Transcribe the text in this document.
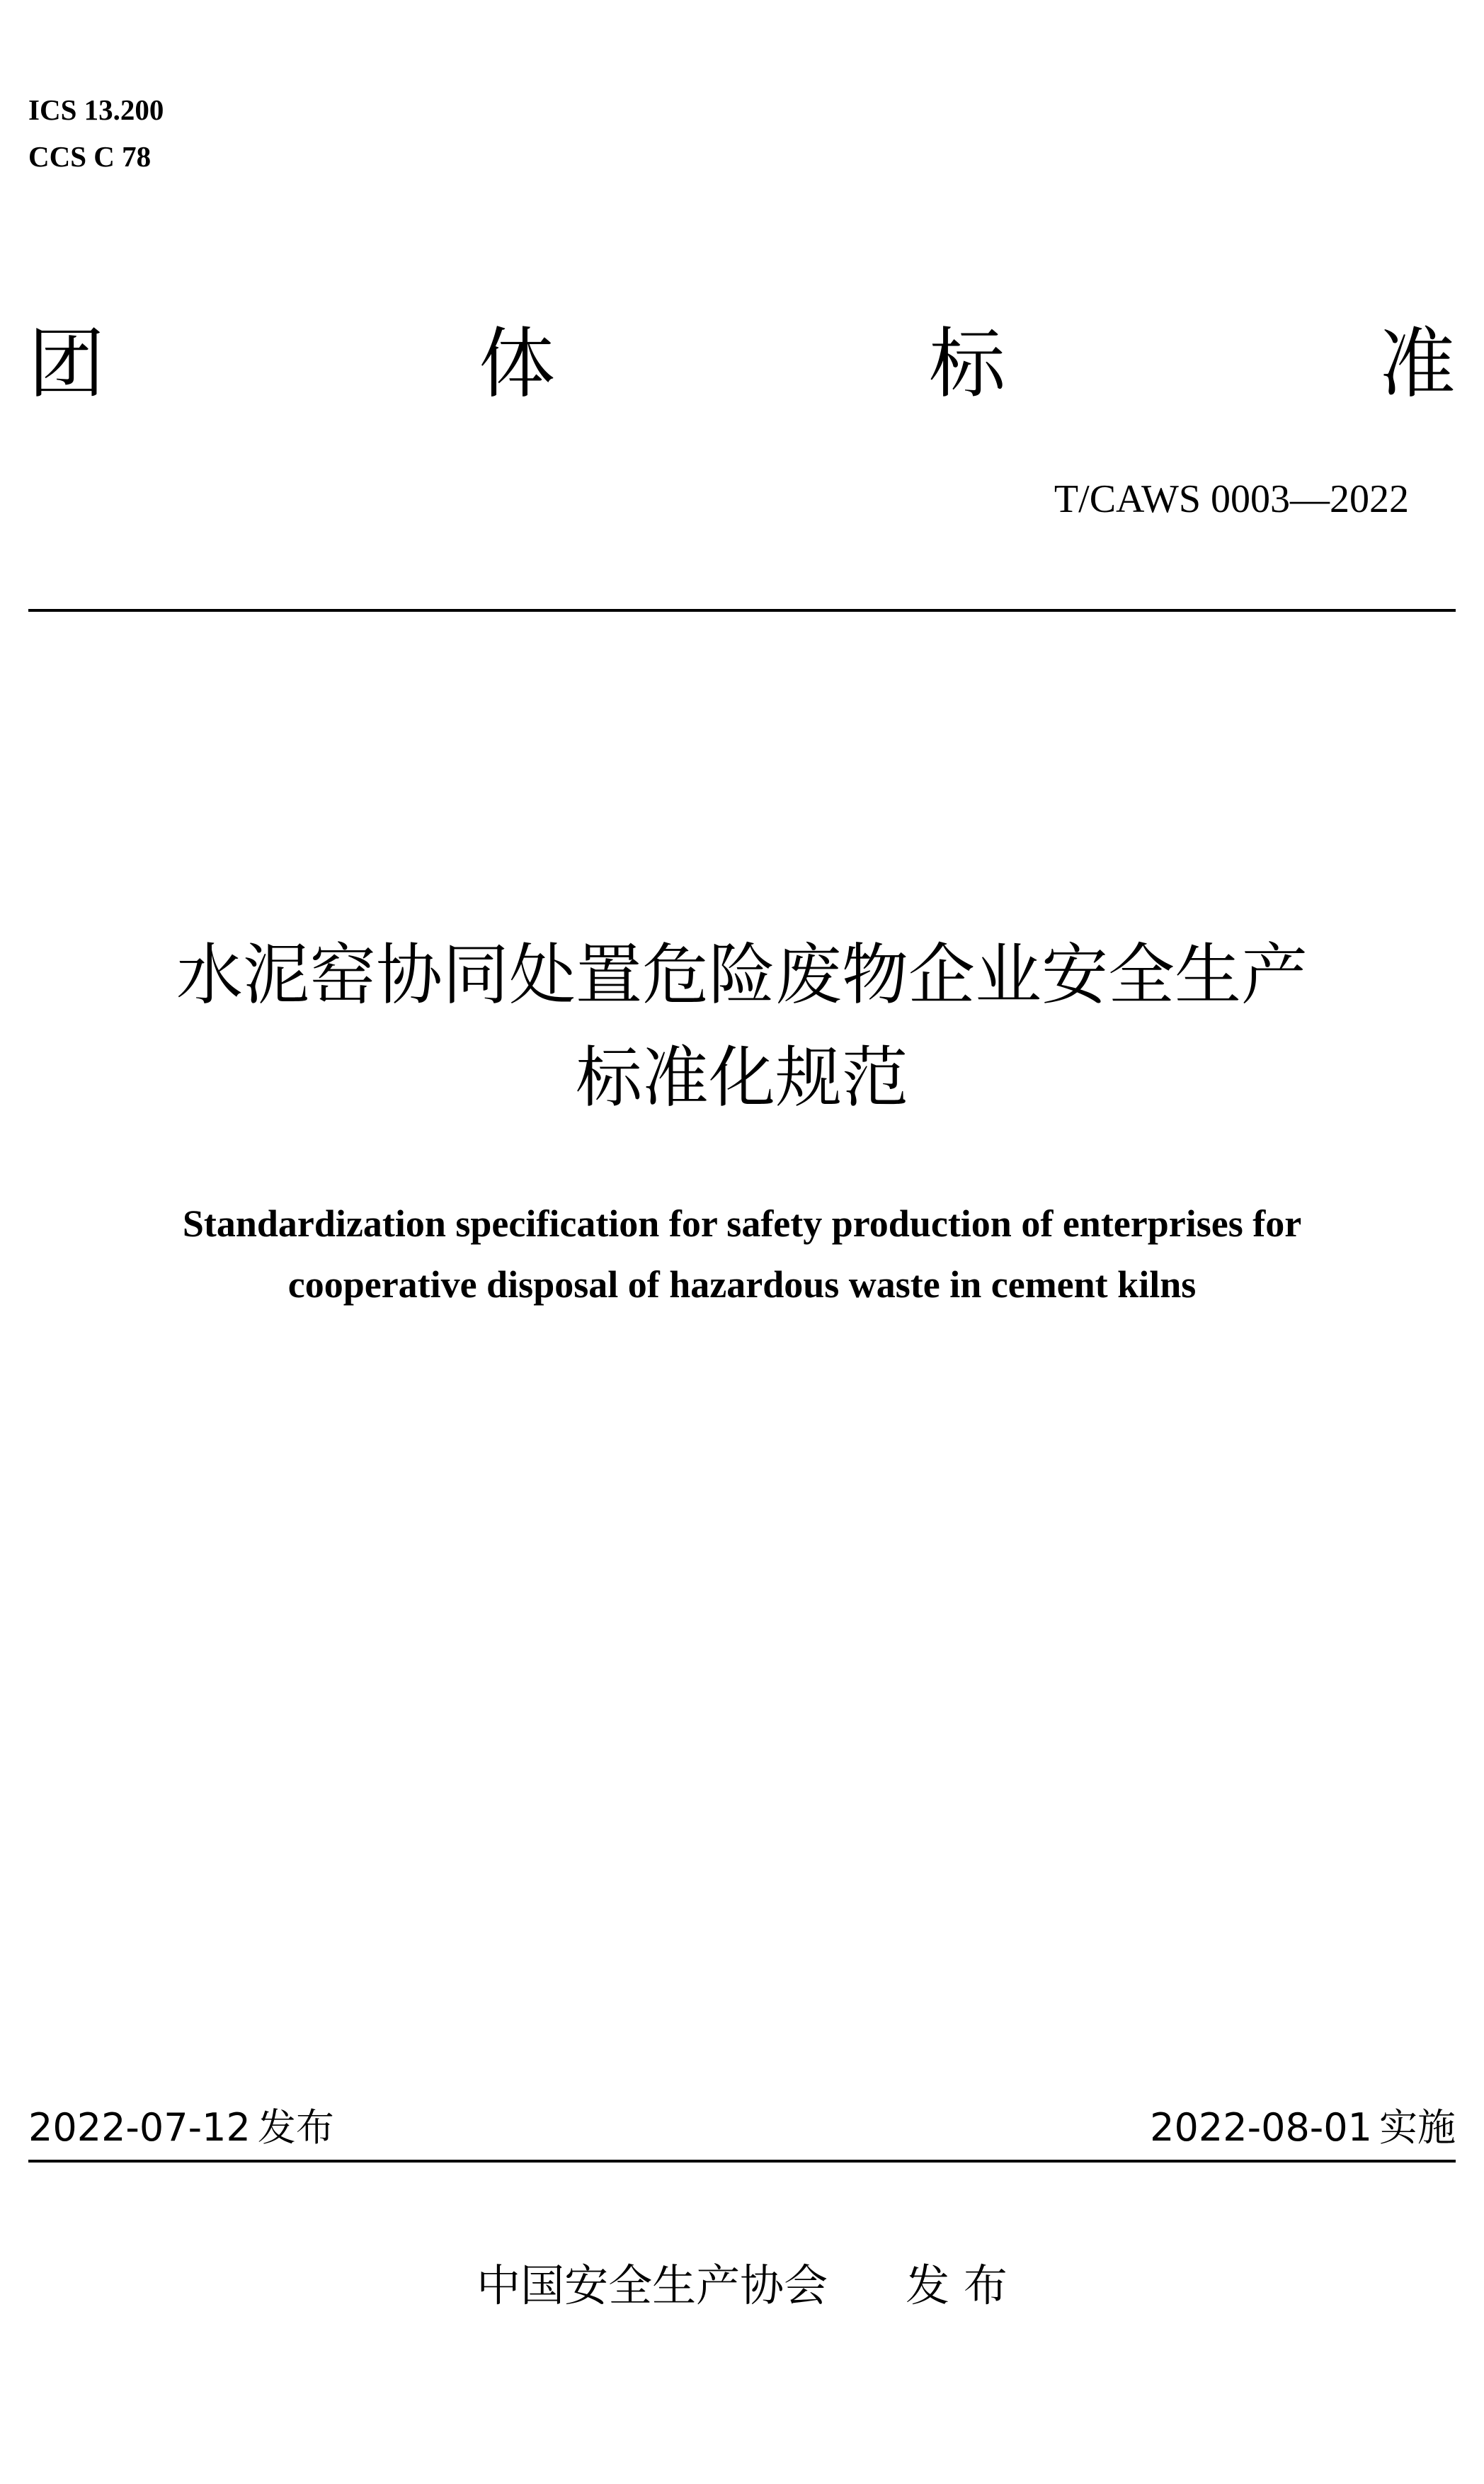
ICS 13.200
CCS C 78
团	体	标	准
T/CAWS 0003—2022
水泥窑协同处置危险废物企业安全生产
标准化规范
Standardization specification for safety production of enterprises for
cooperative disposal of hazardous waste in cement kilns
2022-07-12 发布	2022-08-01 实施
中国安全生产协会 发 布
